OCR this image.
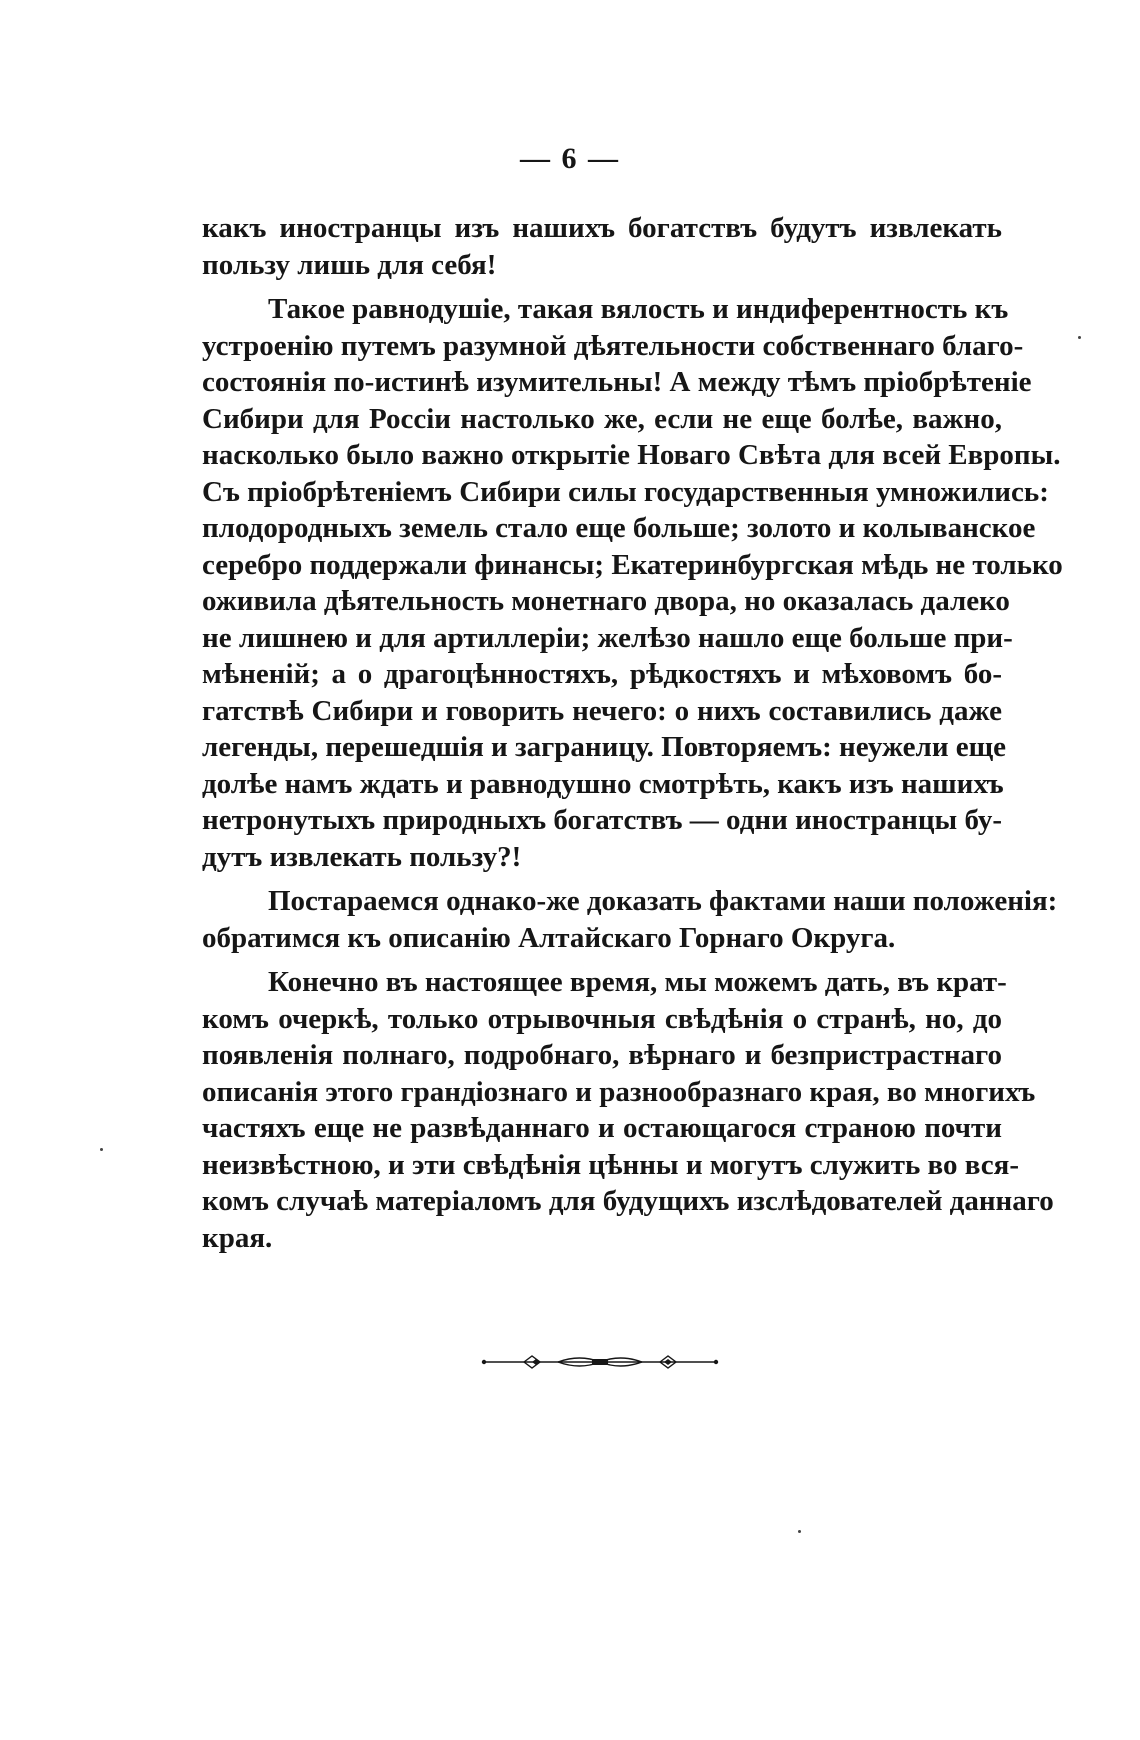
— 6 —
какъ иностранцы изъ нашихъ богатствъ будутъ извлекать
пользу лишь для себя!
Такое равнодушіе, такая вялость и индиферентность къ
устроенію путемъ разумной дѣятельности собственнаго благо-
состоянія по-истинѣ изумительны! А между тѣмъ пріобрѣтеніе
Сибири для Россіи настолько же, если не еще болѣе, важно,
насколько было важно открытіе Новаго Свѣта для всей Европы.
Съ пріобрѣтеніемъ Сибири силы государственныя умножились:
плодородныхъ земель стало еще больше; золото и колыванское
серебро поддержали финансы; Екатеринбургская мѣдь не только
оживила дѣятельность монетнаго двора, но оказалась далеко
не лишнею и для артиллеріи; желѣзо нашло еще больше при-
мѣненій; а о драгоцѣнностяхъ, рѣдкостяхъ и мѣховомъ бо-
гатствѣ Сибири и говорить нечего: о нихъ составились даже
легенды, перешедшія и заграницу. Повторяемъ: неужели еще
долѣе намъ ждать и равнодушно смотрѣть, какъ изъ нашихъ
нетронутыхъ природныхъ богатствъ — одни иностранцы бу-
дутъ извлекать пользу?!
Постараемся однако-же доказать фактами наши положенія:
обратимся къ описанію Алтайскаго Горнаго Округа.
Конечно въ настоящее время, мы можемъ дать, въ крат-
комъ очеркѣ, только отрывочныя свѣдѣнія о странѣ, но, до
появленія полнаго, подробнаго, вѣрнаго и безпристрастнаго
описанія этого грандіознаго и разнообразнаго края, во многихъ
частяхъ еще не развѣданнаго и остающагося страною почти
неизвѣстною, и эти свѣдѣнія цѣнны и могутъ служить во вся-
комъ случаѣ матеріаломъ для будущихъ изслѣдователей даннаго
края.
